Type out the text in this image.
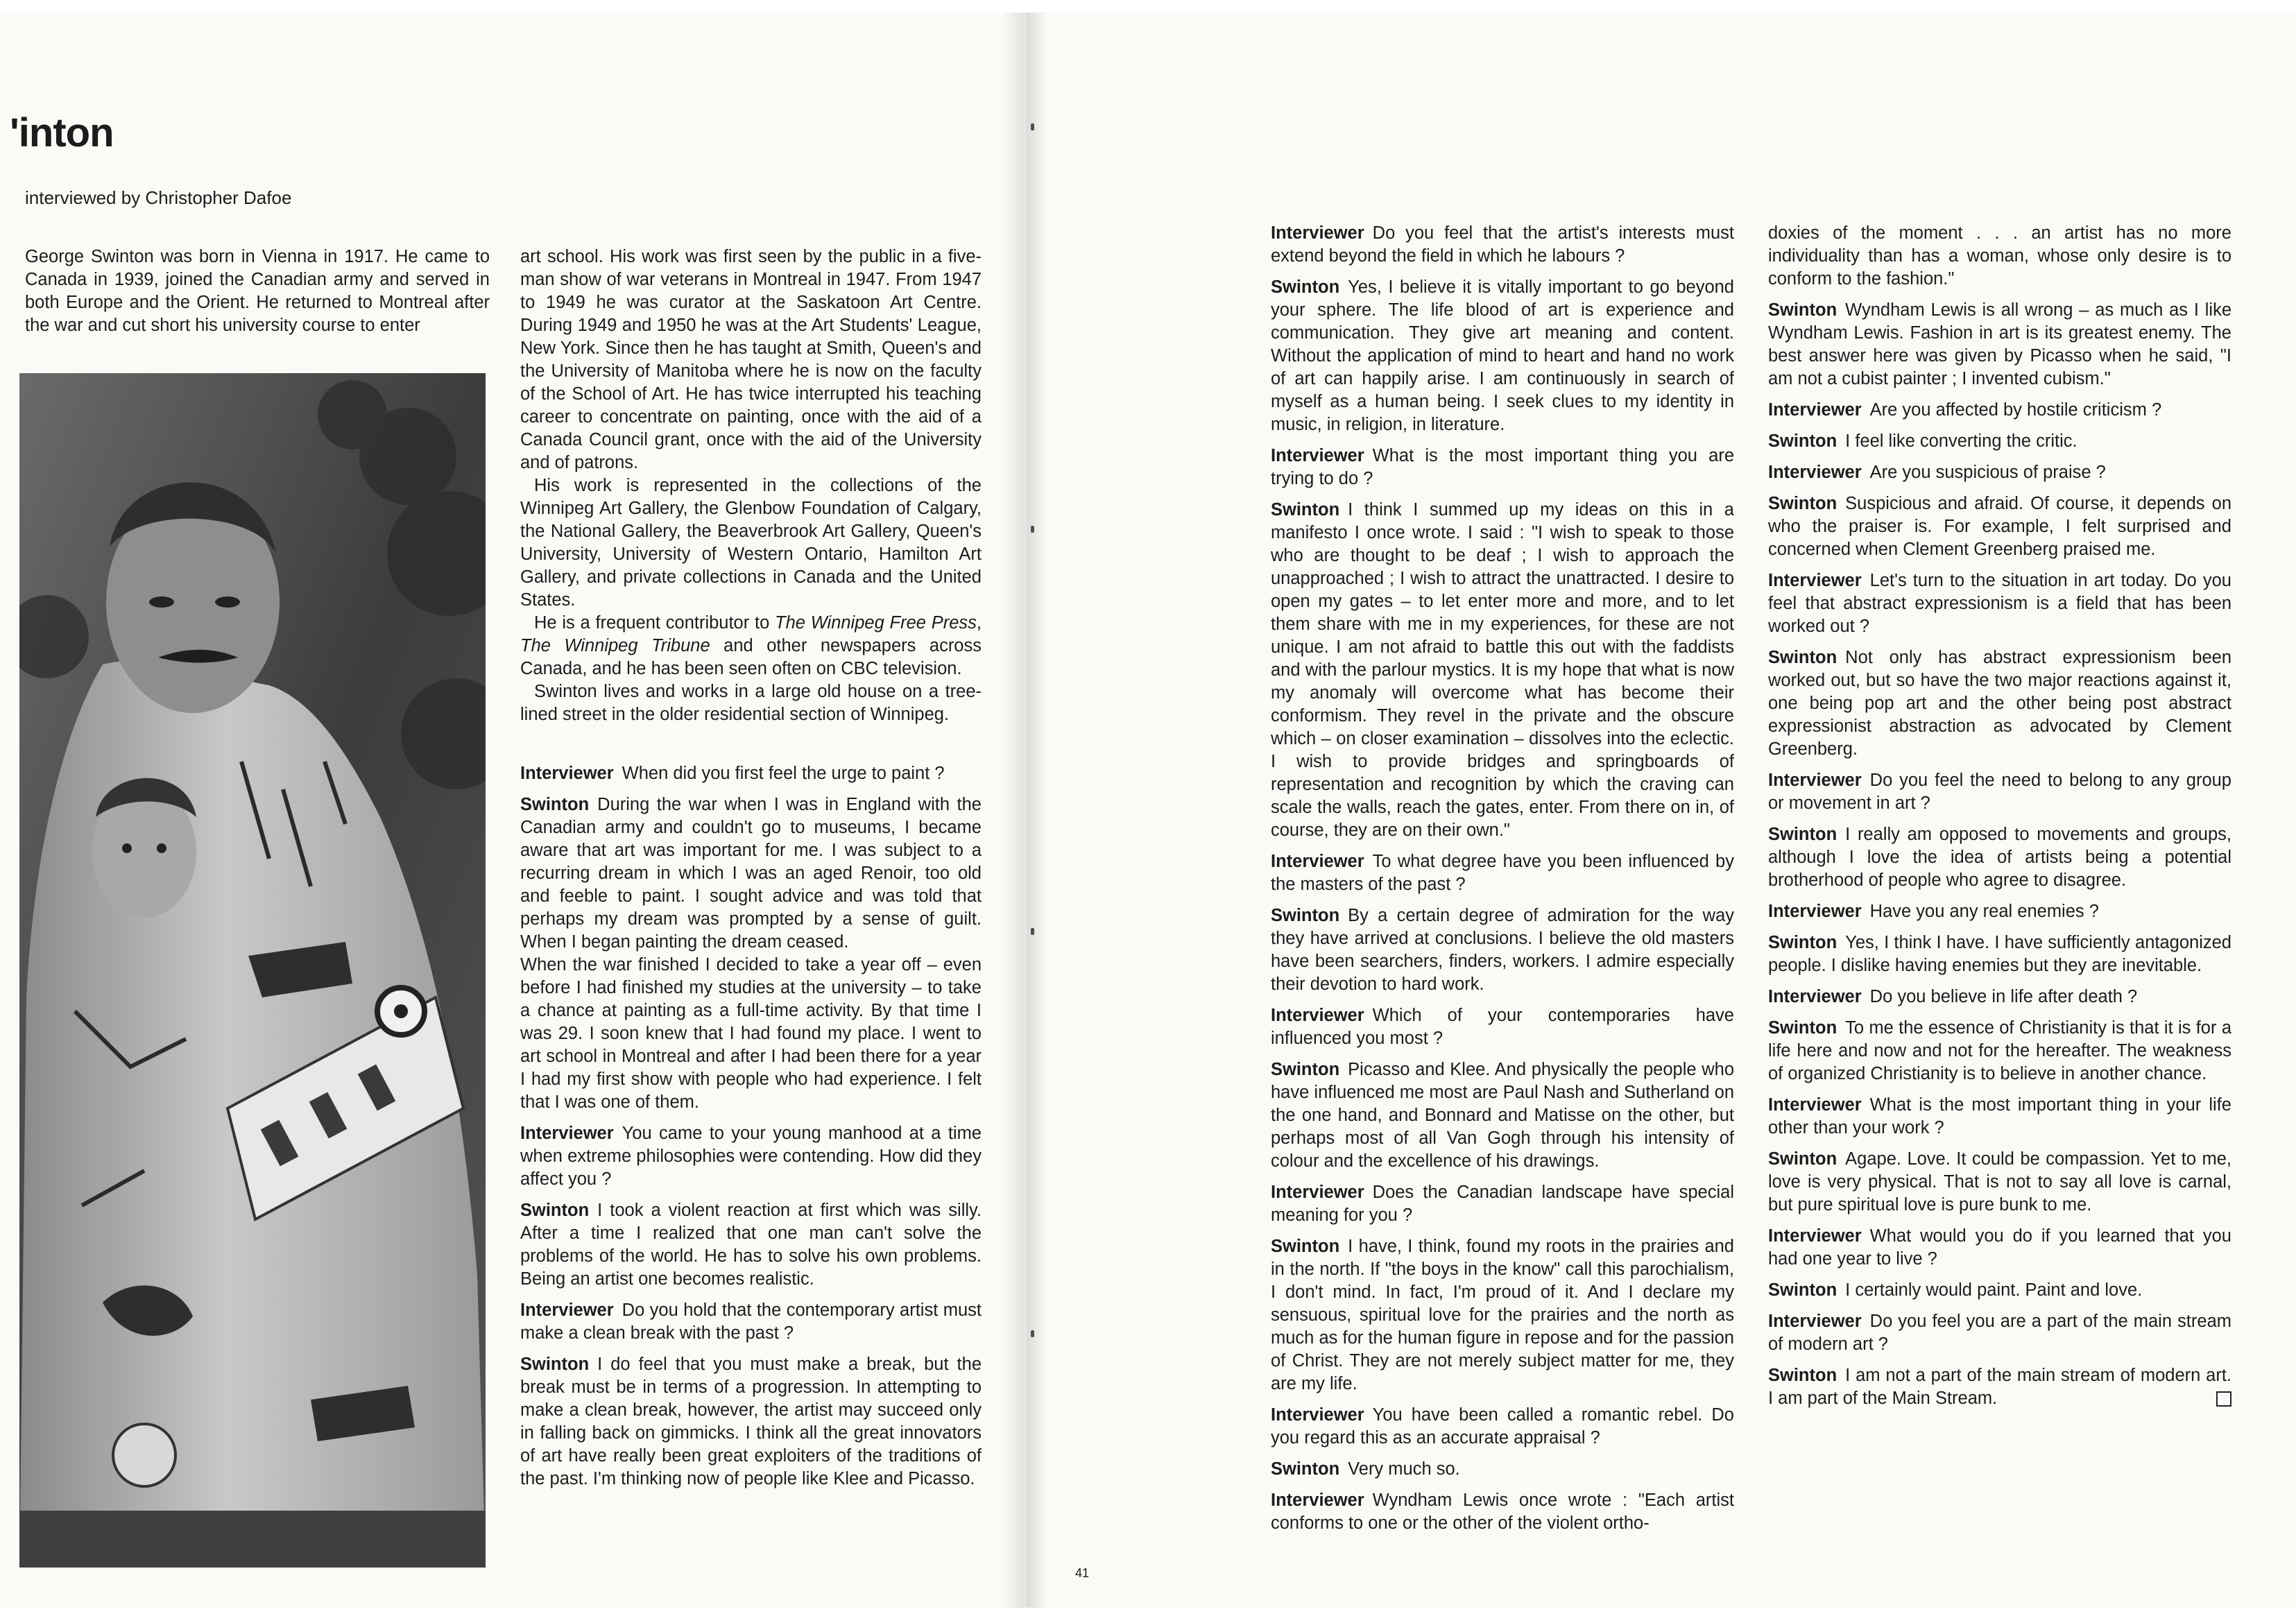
'inton
interviewed by Christopher Dafoe

George Swinton was born in Vienna in 1917. He came to Canada in 1939, joined the Canadian army and served in both Europe and the Orient. He returned to Montreal after the war and cut short his university course to enter

art school. His work was first seen by the public in a five-man show of war veterans in Montreal in 1947. From 1947 to 1949 he was curator at the Saskatoon Art Centre. During 1949 and 1950 he was at the Art Students' League, New York. Since then he has taught at Smith, Queen's and the University of Manitoba where he is now on the faculty of the School of Art. He has twice interrupted his teaching career to concentrate on painting, once with the aid of a Canada Council grant, once with the aid of the University and of patrons.

His work is represented in the collections of the Winnipeg Art Gallery, the Glenbow Foundation of Calgary, the National Gallery, the Beaverbrook Art Gallery, Queen's University, University of Western Ontario, Hamilton Art Gallery, and private collections in Canada and the United States.

He is a frequent contributor to The Winnipeg Free Press, The Winnipeg Tribune and other newspapers across Canada, and he has been seen often on CBC television.

Swinton lives and works in a large old house on a tree-lined street in the older residential section of Winnipeg.

Interviewer When did you first feel the urge to paint ?

Swinton During the war when I was in England with the Canadian army and couldn't go to museums, I became aware that art was important for me. I was subject to a recurring dream in which I was an aged Renoir, too old and feeble to paint. I sought advice and was told that perhaps my dream was prompted by a sense of guilt. When I began painting the dream ceased.

When the war finished I decided to take a year off – even before I had finished my studies at the university – to take a chance at painting as a full-time activity. By that time I was 29. I soon knew that I had found my place. I went to art school in Montreal and after I had been there for a year I had my first show with people who had experience. I felt that I was one of them.

Interviewer You came to your young manhood at a time when extreme philosophies were contending. How did they affect you ?

Swinton I took a violent reaction at first which was silly. After a time I realized that one man can't solve the problems of the world. He has to solve his own problems. Being an artist one becomes realistic.

Interviewer Do you hold that the contemporary artist must make a clean break with the past ?

Swinton I do feel that you must make a break, but the break must be in terms of a progression. In attempting to make a clean break, however, the artist may succeed only in falling back on gimmicks. I think all the great innovators of art have really been great exploiters of the traditions of the past. I'm thinking now of people like Klee and Picasso.

Interviewer Do you feel that the artist's interests must extend beyond the field in which he labours ?

Swinton Yes, I believe it is vitally important to go beyond your sphere. The life blood of art is experience and communication. They give art meaning and content. Without the application of mind to heart and hand no work of art can happily arise. I am continuously in search of myself as a human being. I seek clues to my identity in music, in religion, in literature.

Interviewer What is the most important thing you are trying to do ?

Swinton I think I summed up my ideas on this in a manifesto I once wrote. I said : "I wish to speak to those who are thought to be deaf ; I wish to approach the unapproached ; I wish to attract the unattracted. I desire to open my gates – to let enter more and more, and to let them share with me in my experiences, for these are not unique. I am not afraid to battle this out with the faddists and with the parlour mystics. It is my hope that what is now my anomaly will overcome what has become their conformism. They revel in the private and the obscure which – on closer examination – dissolves into the eclectic. I wish to provide bridges and springboards of representation and recognition by which the craving can scale the walls, reach the gates, enter. From there on in, of course, they are on their own."

Interviewer To what degree have you been influenced by the masters of the past ?

Swinton By a certain degree of admiration for the way they have arrived at conclusions. I believe the old masters have been searchers, finders, workers. I admire especially their devotion to hard work.

Interviewer Which of your contemporaries have influenced you most ?

Swinton Picasso and Klee. And physically the people who have influenced me most are Paul Nash and Sutherland on the one hand, and Bonnard and Matisse on the other, but perhaps most of all Van Gogh through his intensity of colour and the excellence of his drawings.

Interviewer Does the Canadian landscape have special meaning for you ?

Swinton I have, I think, found my roots in the prairies and in the north. If "the boys in the know" call this parochialism, I don't mind. In fact, I'm proud of it. And I declare my sensuous, spiritual love for the prairies and the north as much as for the human figure in repose and for the passion of Christ. They are not merely subject matter for me, they are my life.

Interviewer You have been called a romantic rebel. Do you regard this as an accurate appraisal ?

Swinton Very much so.

Interviewer Wyndham Lewis once wrote : "Each artist conforms to one or the other of the violent ortho-

doxies of the moment . . . an artist has no more individuality than has a woman, whose only desire is to conform to the fashion."

Swinton Wyndham Lewis is all wrong – as much as I like Wyndham Lewis. Fashion in art is its greatest enemy. The best answer here was given by Picasso when he said, "I am not a cubist painter ; I invented cubism."

Interviewer Are you affected by hostile criticism ?

Swinton I feel like converting the critic.

Interviewer Are you suspicious of praise ?

Swinton Suspicious and afraid. Of course, it depends on who the praiser is. For example, I felt surprised and concerned when Clement Greenberg praised me.

Interviewer Let's turn to the situation in art today. Do you feel that abstract expressionism is a field that has been worked out ?

Swinton Not only has abstract expressionism been worked out, but so have the two major reactions against it, one being pop art and the other being post abstract expressionist abstraction as advocated by Clement Greenberg.

Interviewer Do you feel the need to belong to any group or movement in art ?

Swinton I really am opposed to movements and groups, although I love the idea of artists being a potential brotherhood of people who agree to disagree.

Interviewer Have you any real enemies ?

Swinton Yes, I think I have. I have sufficiently antagonized people. I dislike having enemies but they are inevitable.

Interviewer Do you believe in life after death ?

Swinton To me the essence of Christianity is that it is for a life here and now and not for the hereafter. The weakness of organized Christianity is to believe in another chance.

Interviewer What is the most important thing in your life other than your work ?

Swinton Agape. Love. It could be compassion. Yet to me, love is very physical. That is not to say all love is carnal, but pure spiritual love is pure bunk to me.

Interviewer What would you do if you learned that you had one year to live ?

Swinton I certainly would paint. Paint and love.

Interviewer Do you feel you are a part of the main stream of modern art ?

Swinton I am not a part of the main stream of modern art. I am part of the Main Stream.

41
